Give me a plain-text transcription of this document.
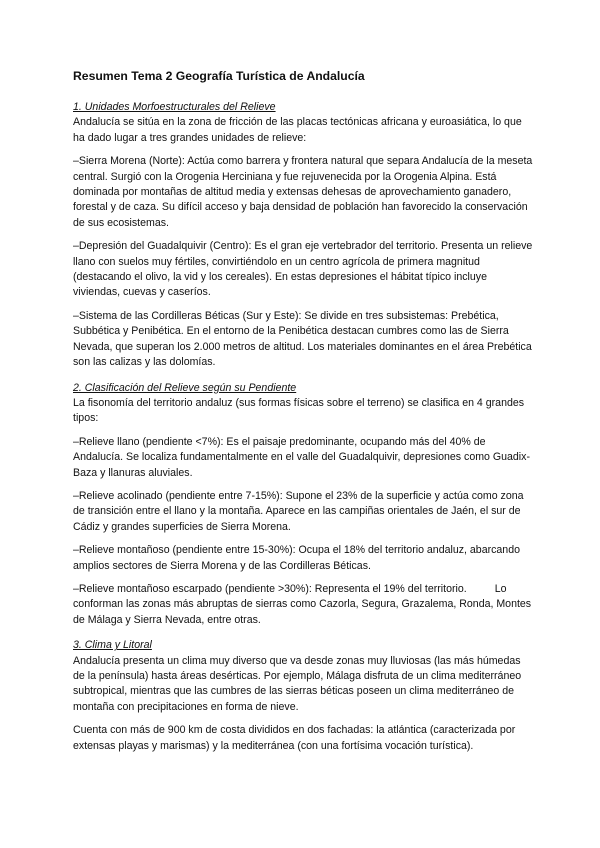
Resumen Tema 2 Geografía Turística de Andalucía
1. Unidades Morfoestructurales del Relieve

Andalucía se sitúa en la zona de fricción de las placas tectónicas africana y euroasiática, lo que ha dado lugar a tres grandes unidades de relieve:

–Sierra Morena (Norte): Actúa como barrera y frontera natural que separa Andalucía de la meseta central. Surgió con la Orogenia Herciniana y fue rejuvenecida por la Orogenia Alpina. Está dominada por montañas de altitud media y extensas dehesas de aprovechamiento ganadero, forestal y de caza. Su difícil acceso y baja densidad de población han favorecido la conservación de sus ecosistemas.

–Depresión del Guadalquivir (Centro): Es el gran eje vertebrador del territorio. Presenta un relieve llano con suelos muy fértiles, convirtiéndolo en un centro agrícola de primera magnitud (destacando el olivo, la vid y los cereales). En estas depresiones el hábitat típico incluye viviendas, cuevas y caseríos.

–Sistema de las Cordilleras Béticas (Sur y Este): Se divide en tres subsistemas: Prebética, Subbética y Penibética. En el entorno de la Penibética destacan cumbres como las de Sierra Nevada, que superan los 2.000 metros de altitud. Los materiales dominantes en el área Prebética son las calizas y las dolomías.

2. Clasificación del Relieve según su Pendiente

La fisonomía del territorio andaluz (sus formas físicas sobre el terreno) se clasifica en 4 grandes tipos:

–Relieve llano (pendiente <7%): Es el paisaje predominante, ocupando más del 40% de Andalucía. Se localiza fundamentalmente en el valle del Guadalquivir, depresiones como Guadix-Baza y llanuras aluviales.

–Relieve acolinado (pendiente entre 7-15%): Supone el 23% de la superficie y actúa como zona de transición entre el llano y la montaña. Aparece en las campiñas orientales de Jaén, el sur de Cádiz y grandes superficies de Sierra Morena.

–Relieve montañoso (pendiente entre 15-30%): Ocupa el 18% del territorio andaluz, abarcando amplios sectores de Sierra Morena y de las Cordilleras Béticas.

–Relieve montañoso escarpado (pendiente >30%): Representa el 19% del territorio.	Lo conforman las zonas más abruptas de sierras como Cazorla, Segura, Grazalema, Ronda, Montes de Málaga y Sierra Nevada, entre otras.

3. Clima y Litoral

Andalucía presenta un clima muy diverso que va desde zonas muy lluviosas (las más húmedas de la península) hasta áreas desérticas. Por ejemplo, Málaga disfruta de un clima mediterráneo subtropical, mientras que las cumbres de las sierras béticas poseen un clima mediterráneo de montaña con precipitaciones en forma de nieve.

Cuenta con más de 900 km de costa divididos en dos fachadas: la atlántica (caracterizada por extensas playas y marismas) y la mediterránea (con una fortísima vocación turística).
